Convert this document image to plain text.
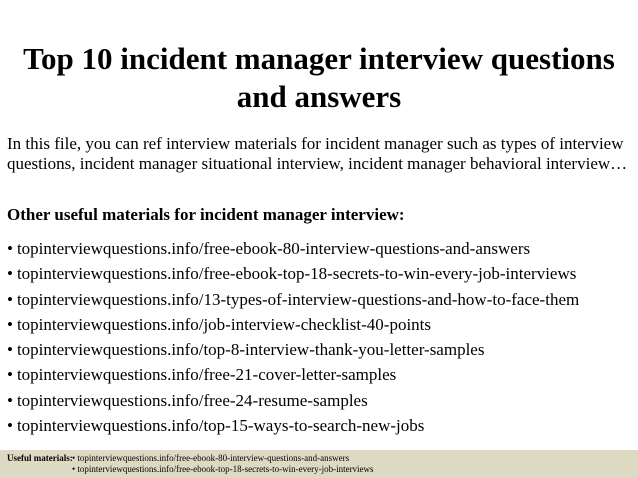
Top 10 incident manager interview questions and answers

In this file, you can ref interview materials for incident manager such as types of interview questions, incident manager situational interview, incident manager behavioral interview…

Other useful materials for incident manager interview:

• topinterviewquestions.info/free-ebook-80-interview-questions-and-answers
• topinterviewquestions.info/free-ebook-top-18-secrets-to-win-every-job-interviews
• topinterviewquestions.info/13-types-of-interview-questions-and-how-to-face-them
• topinterviewquestions.info/job-interview-checklist-40-points
• topinterviewquestions.info/top-8-interview-thank-you-letter-samples
• topinterviewquestions.info/free-21-cover-letter-samples
• topinterviewquestions.info/free-24-resume-samples
• topinterviewquestions.info/top-15-ways-to-search-new-jobs
Useful materials:• topinterviewquestions.info/free-ebook-80-interview-questions-and-answers
• topinterviewquestions.info/free-ebook-top-18-secrets-to-win-every-job-interviews
